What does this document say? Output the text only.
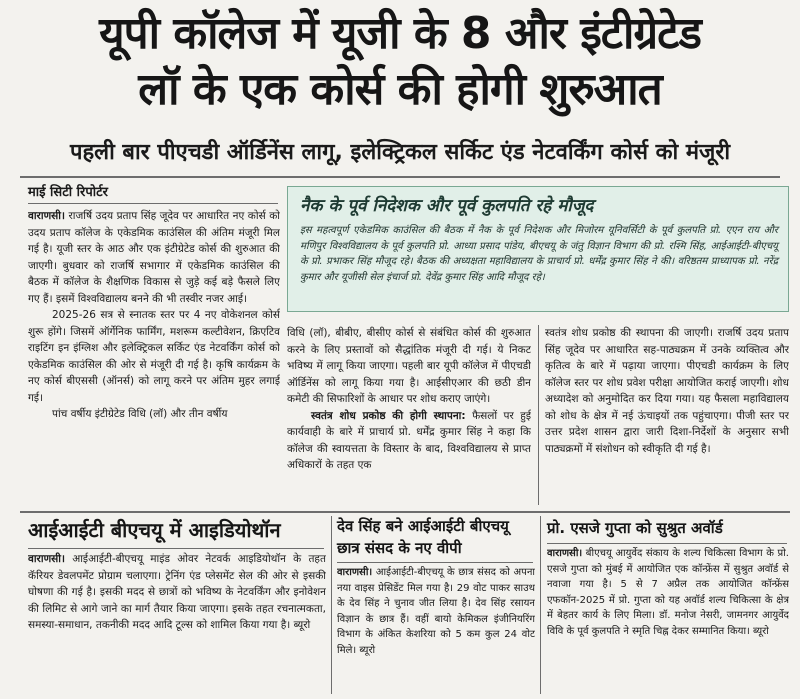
यूपी कॉलेज में यूजी के 8 और इंटीग्रेटेड
लॉ के एक कोर्स की होगी शुरुआत
पहली बार पीएचडी ऑर्डिनेंस लागू, इलेक्ट्रिकल सर्किट एंड नेटवर्किंग कोर्स को मंजूरी
माई सिटी रिपोर्टर

वाराणसी। राजर्षि उदय प्रताप सिंह जूदेव पर आधारित नए कोर्स को उदय प्रताप कॉलेज के एकेडमिक काउंसिल की अंतिम मंजूरी मिल गई है। यूजी स्तर के आठ और एक इंटीग्रेटेड कोर्स की शुरुआत की जाएगी। बुधवार को राजर्षि सभागार में एकेडमिक काउंसिल की बैठक में कॉलेज के शैक्षणिक विकास से जुड़े कई बड़े फैसले लिए गए हैं। इसमें विश्वविद्यालय बनने की भी तस्वीर नजर आई।

2025-26 सत्र से स्नातक स्तर पर 4 नए वोकेशनल कोर्स शुरू होंगे। जिसमें ऑर्गेनिक फार्मिंग, मशरूम कल्टीवेशन, क्रिएटिव राइटिंग इन इंग्लिश और इलेक्ट्रिकल सर्किट एंड नेटवर्किंग कोर्स को एकेडमिक काउंसिल की ओर से मंजूरी दी गई है। कृषि कार्यक्रम के नए कोर्स बीएससी (ऑनर्स) को लागू करने पर अंतिम मुहर लगाई गई।

पांच वर्षीय इंटीग्रेटेड विधि (लॉ) और तीन वर्षीय

नैक के पूर्व निदेशक और पूर्व कुलपति रहे मौजूद
इस महत्वपूर्ण एकेडमिक काउंसिल की बैठक में नैक के पूर्व निदेशक और मिजोरम यूनिवर्सिटी के पूर्व कुलपति प्रो. एएन राय और मणिपुर विश्वविद्यालय के पूर्व कुलपति प्रो. आध्या प्रसाद पांडेय, बीएचयू के जंतु विज्ञान विभाग की प्रो. रश्मि सिंह, आईआईटी-बीएचयू के प्रो. प्रभाकर सिंह मौजूद रहे। बैठक की अध्यक्षता महाविद्यालय के प्राचार्य प्रो. धर्मेंद्र कुमार सिंह ने की। वरिष्ठतम प्राध्यापक प्रो. नरेंद्र कुमार और यूजीसी सेल इंचार्ज प्रो. देवेंद्र कुमार सिंह आदि मौजूद रहे।

विधि (लॉ), बीबीए, बीसीए कोर्स से संबंधित कोर्स की शुरुआत करने के लिए प्रस्तावों को सैद्धांतिक मंजूरी दी गई। ये निकट भविष्य में लागू किया जाएगा। पहली बार यूपी कॉलेज में पीएचडी ऑर्डिनेंस को लागू किया गया है। आईसीएआर की छठी डीन कमेटी की सिफारिशों के आधार पर शोध कराए जाएंगे।

स्वतंत्र शोध प्रकोष्ठ की होगी स्थापना: फैसलों पर हुई कार्यवाही के बारे में प्राचार्य प्रो. धर्मेंद्र कुमार सिंह ने कहा कि कॉलेज की स्वायत्तता के विस्तार के बाद, विश्वविद्यालय से प्राप्त अधिकारों के तहत एक

स्वतंत्र शोध प्रकोष्ठ की स्थापना की जाएगी। राजर्षि उदय प्रताप सिंह जूदेव पर आधारित सह-पाठ्यक्रम में उनके व्यक्तित्व और कृतित्व के बारे में पढ़ाया जाएगा। पीएचडी कार्यक्रम के लिए कॉलेज स्तर पर शोध प्रवेश परीक्षा आयोजित कराई जाएगी। शोध अध्यादेश को अनुमोदित कर दिया गया। यह फैसला महाविद्यालय को शोध के क्षेत्र में नई ऊंचाइयों तक पहुंचाएगा। पीजी स्तर पर उत्तर प्रदेश शासन द्वारा जारी दिशा-निर्देशों के अनुसार सभी पाठ्यक्रमों में संशोधन को स्वीकृति दी गई है।

आईआईटी बीएचयू में आइडियोथॉन

वाराणसी। आईआईटी-बीएचयू माइंड ओवर नेटवर्क आइडियोथॉन के तहत कॅरियर डेवलपमेंट प्रोग्राम चलाएगा। ट्रेनिंग एंड प्लेसमेंट सेल की ओर से इसकी घोषणा की गई है। इसकी मदद से छात्रों को भविष्य के नेटवर्किंग और इनोवेशन की लिमिट से आगे जाने का मार्ग तैयार किया जाएगा। इसके तहत रचनात्मकता, समस्या-समाधान, तकनीकी मदद आदि टूल्स को शामिल किया गया है। ब्यूरो

देव सिंह बने आईआईटी बीएचयू
छात्र संसद के नए वीपी

वाराणसी। आईआईटी-बीएचयू के छात्र संसद को अपना नया वाइस प्रेसिडेंट मिल गया है। 29 वोट पाकर साउथ के देव सिंह ने चुनाव जीत लिया है। देव सिंह रसायन विज्ञान के छात्र हैं। वहीं बायो केमिकल इंजीनियरिंग विभाग के अंकित केशरिया को 5 कम कुल 24 वोट मिले। ब्यूरो

प्रो. एसजे गुप्ता को सुश्रुत अवॉर्ड

वाराणसी। बीएचयू आयुर्वेद संकाय के शल्य चिकित्सा विभाग के प्रो. एसजे गुप्ता को मुंबई में आयोजित एक कॉन्फ्रेंस में सुश्रुत अवॉर्ड से नवाजा गया है। 5 से 7 अप्रैल तक आयोजित कॉन्फ्रेंस एफकॉन-2025 में प्रो. गुप्ता को यह अवॉर्ड शल्य चिकित्सा के क्षेत्र में बेहतर कार्य के लिए मिला। डॉ. मनोज नेसरी, जामनगर आयुर्वेद विवि के पूर्व कुलपति ने स्मृति चिह्न देकर सम्मानित किया। ब्यूरो
